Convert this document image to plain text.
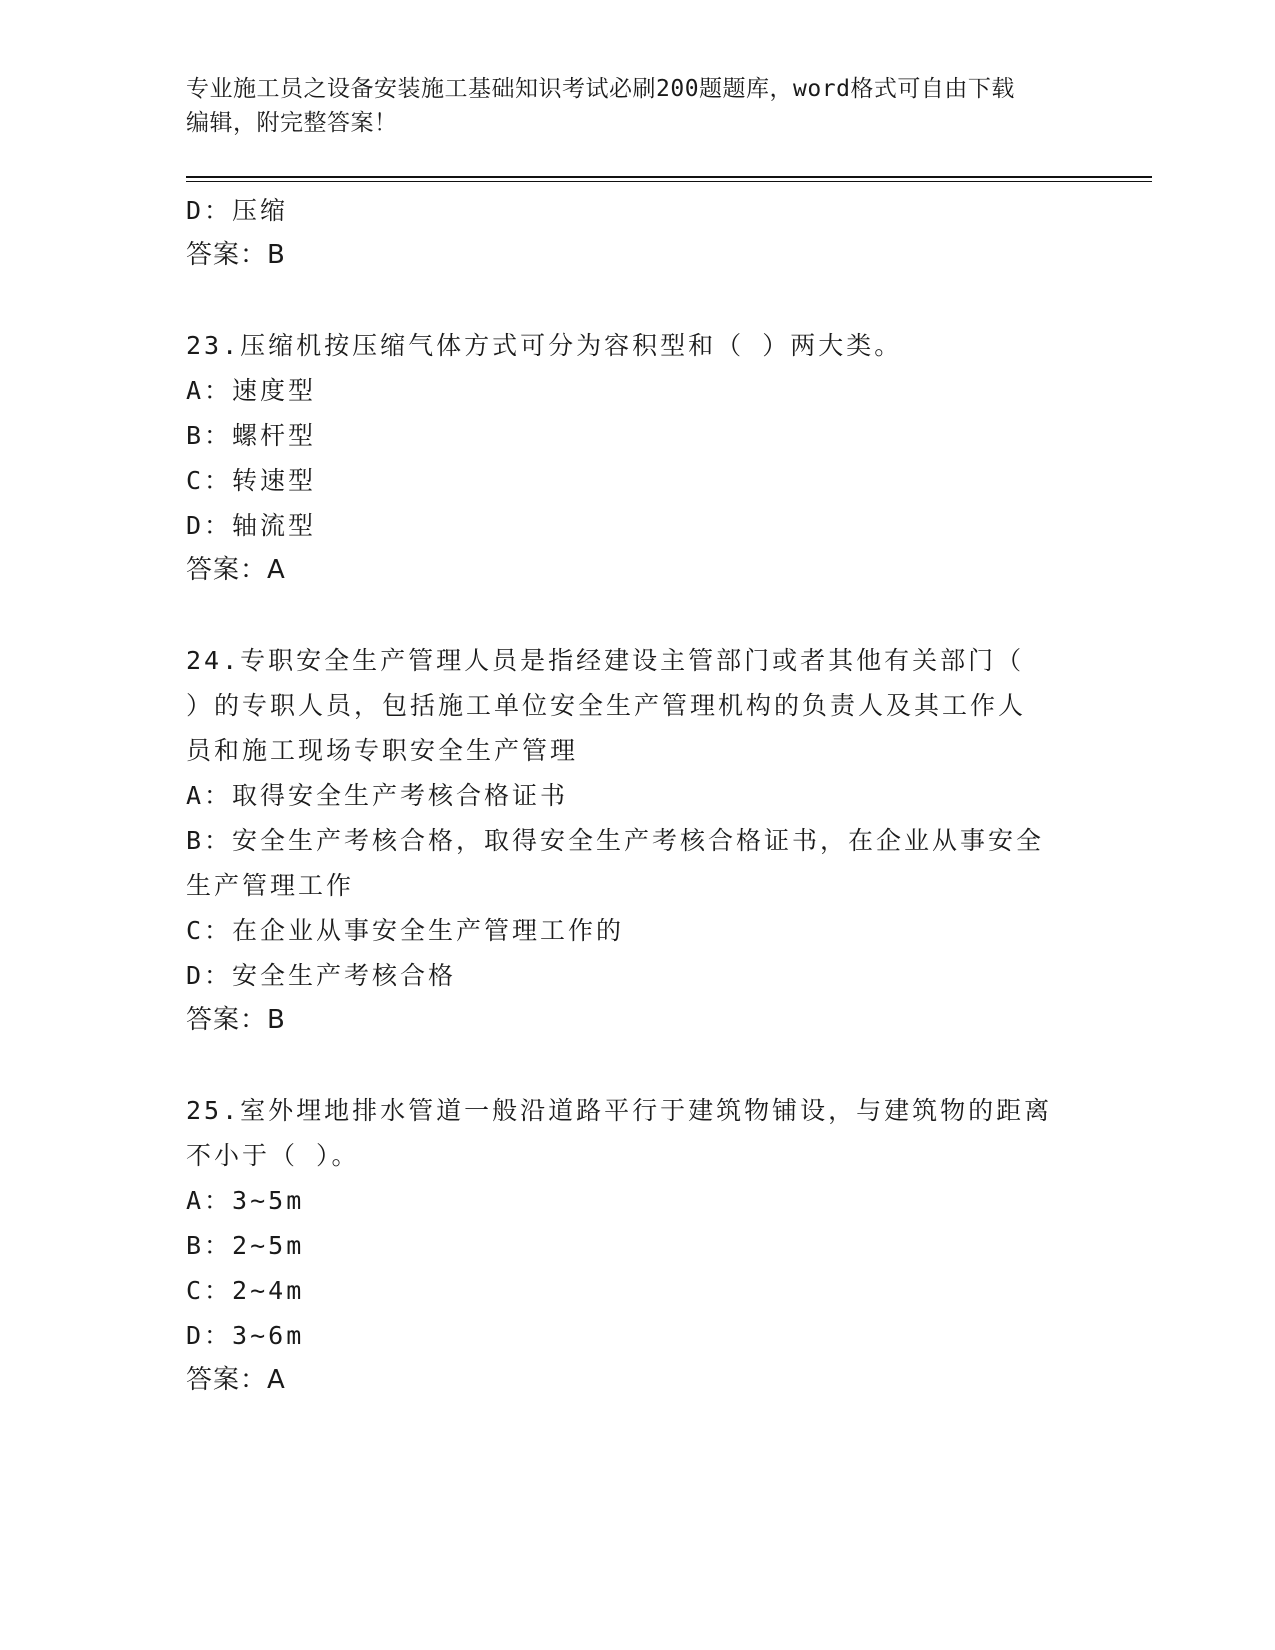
专业施工员之设备安装施工基础知识考试必刷200题题库，word格式可自由下载
编辑，附完整答案！
D：压缩
答案：B
23.压缩机按压缩气体方式可分为容积型和（ ）两大类。
A：速度型
B：螺杆型
C：转速型
D：轴流型
答案：A
24.专职安全生产管理人员是指经建设主管部门或者其他有关部门（
）的专职人员，包括施工单位安全生产管理机构的负责人及其工作人
员和施工现场专职安全生产管理
A：取得安全生产考核合格证书
B：安全生产考核合格，取得安全生产考核合格证书，在企业从事安全
生产管理工作
C：在企业从事安全生产管理工作的
D：安全生产考核合格
答案：B
25.室外埋地排水管道一般沿道路平行于建筑物铺设，与建筑物的距离
不小于（ ）。
A：3~5m
B：2~5m
C：2~4m
D：3~6m
答案：A
